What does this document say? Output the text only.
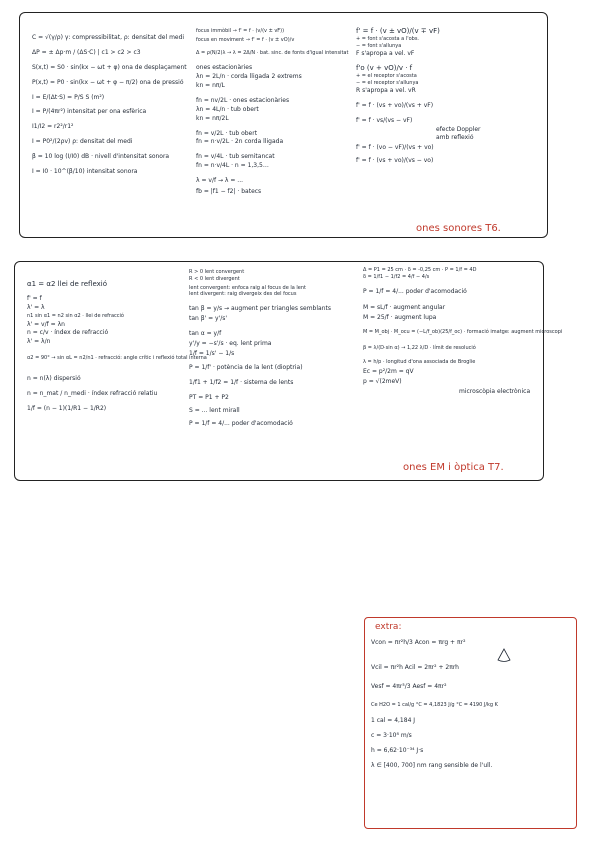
C = √(γ/ρ) γ: compressibilitat, ρ: densitat del medi
ΔP = ± Δp·m / (ΔS·C) | c1 > c2 > c3
S(x,t) = S0 · sin(kx − ωt + φ) ona de desplaçament
P(x,t) = P0 · sin(kx − ωt + φ − π/2) ona de pressió
I = E/(Δt·S) = P/S S (m²)
I = P/(4πr²) intensitat per ona esfèrica
I1/I2 = r2²/r1²
I = P0²/(2ρv) ρ: densitat del medi
β = 10 log (I/I0) dB · nivell d'intensitat sonora
I = I0 · 10^(β/10) intensitat sonora
focus immòbil → f' = f · (v/(v ± vF))
focus en moviment → f' = f · (v ± vO)/v
Δ = ρ(N/2)λ → λ = 2Δ/N · bat. sinc. de fonts d'igual intensitat
ones estacionàries
λn = 2L/n · corda lligada 2 extrems
kn = nπ/L
fn = nv/2L · ones estacionàries
λn = 4L/n · tub obert
kn = nπ/2L
fn = v/2L · tub obert
fn = n·v/2L · 2n corda lligada
fn = v/4L · tub semitancat
fn = n·v/4L · n = 1,3,5…
λ = v/f → λ = ...
fb = |f1 − f2| · batecs
f' = f · (v ± vO)/(v ∓ vF)
+ = font s'acosta a l'obs.
− = font s'allunya
F s'apropa a vel. vF
f'o (v + vO)/v · f
+ = el receptor s'acosta
− = el receptor s'allunya
R s'apropa a vel. vR
f' = f · (vs + vo)/(vs + vF)
f' = f · vs/(vs − vF)
efecte Doppler
amb reflexió
f' = f · (vo − vF)/(vs + vo)
f' = f · (vs + vo)/(vs − vo)
ones sonores T6.
α1 = α2 llei de reflexió
f' = f
λ' = λ
n1 sin α1 = n2 sin α2 · llei de refracció
λ' = v/f = λn
n = c/v · índex de refracció
λ' = λ/n
α2 = 90° → sin αL = n2/n1 · refracció: angle crític i reflexió total interna
n = n(λ) dispersió
n = n_mat / n_medi · índex refracció relatiu
1/f = (n − 1)(1/R1 − 1/R2)
R > 0 lent convergent
R < 0 lent divergent
lent convergent: enfoca raig al focus de la lent
lent divergent: raig divergeix des del focus
tan β = y/s → augment per triangles semblants
tan β' = y'/s'
tan α = y/f
y'/y = −s'/s · eq. lent prima
1/f = 1/s' − 1/s
P = 1/f' · potència de la lent (dioptria)
1/f1 + 1/f2 = 1/f · sistema de lents
PT = P1 + P2
S = ... lent mirall
P = 1/f = 4/... poder d'acomodació
Δ = P1 = 25 cm · δ = -0,25 cm · P = 1/f = 4D
δ = 1/f1 − 1/f2 = 4/f − 4/s
P = 1/f = 4/... poder d'acomodació
M = sL/f · augment angular
M = 25/f · augment lupa
M = M_obj · M_ocu = (−L/f_ob)(25/f_oc) · formació imatge: augment microscopi
β = λ/(D·sin α) → 1,22 λ/D · límit de resolució
λ = h/p · longitud d'ona associada de Broglie
Ec = p²/2m = qV
p = √(2meV)
microscòpia electrònica
ones EM i òptica T7.
extra:
Vcon = πr²h/3 Acon = πrg + πr²
Vcil = πr²h Acil = 2πr² + 2πrh
Vesf = 4πr³/3 Aesf = 4πr²
Ce H2O = 1 cal/g °C = 4,1823 J/g °C = 4190 J/kg K
1 cal = 4,184 J
c = 3·10⁸ m/s
h = 6,62·10⁻³⁴ J·s
λ ∈ [400, 700] nm rang sensible de l'ull.
